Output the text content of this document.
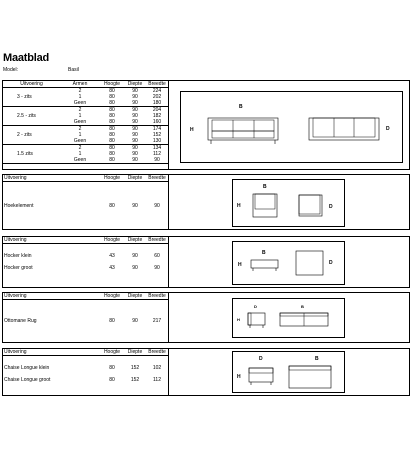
Maatblad
Model:	Basil
Uitvoering	Armen	Hoogte	Diepte	Breedte
3 - zits	2	80	90	224
	1	80	90	202
	Geen	80	90	180
2.5 - zits	2	80	90	204
	1	80	90	182
	Geen	80	90	160
2 - zits	2	80	90	174
	1	80	90	152
	Geen	80	90	130
1.5 zits	2	80	90	134
	1	80	90	112
	Geen	80	90	90
B
H	D
Uitvoering	Hoogte	Diepte	Breedte

Hoekelement	80	90	90
B
H	D
Uitvoering	Hoogte	Diepte	Breedte

Hocker klein	43	90	60
Hocker groot	43	90	90
B
H	D
Uitvoering	Hoogte	Diepte	Breedte

Ottomane Rug	80	90	217
D	B
H
Uitvoering	Hoogte	Diepte	Breedte

Chaise Longue klein	80	152	102
Chaise Longue groot	80	152	112
D	B
H
